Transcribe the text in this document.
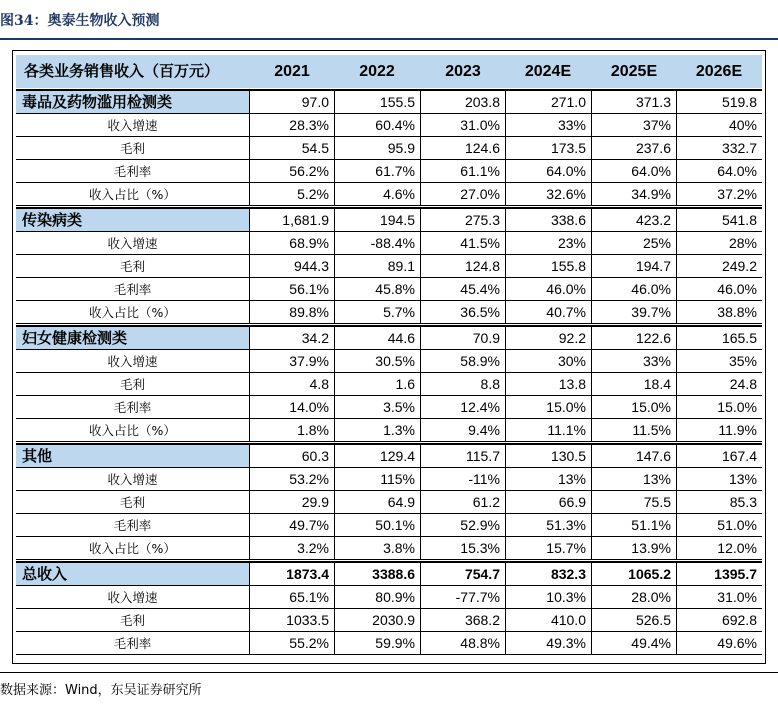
图34：奥泰生物收入预测
各类业务销售收入（百万元）	2021	2022	2023	2024E	2025E	2026E
毒品及药物滥用检测类	97.0	155.5	203.8	271.0	371.3	519.8
收入增速	28.3%	60.4%	31.0%	33%	37%	40%
毛利	54.5	95.9	124.6	173.5	237.6	332.7
毛利率	56.2%	61.7%	61.1%	64.0%	64.0%	64.0%
收入占比（%）	5.2%	4.6%	27.0%	32.6%	34.9%	37.2%
传染病类	1,681.9	194.5	275.3	338.6	423.2	541.8
收入增速	68.9%	-88.4%	41.5%	23%	25%	28%
毛利	944.3	89.1	124.8	155.8	194.7	249.2
毛利率	56.1%	45.8%	45.4%	46.0%	46.0%	46.0%
收入占比（%）	89.8%	5.7%	36.5%	40.7%	39.7%	38.8%
妇女健康检测类	34.2	44.6	70.9	92.2	122.6	165.5
收入增速	37.9%	30.5%	58.9%	30%	33%	35%
毛利	4.8	1.6	8.8	13.8	18.4	24.8
毛利率	14.0%	3.5%	12.4%	15.0%	15.0%	15.0%
收入占比（%）	1.8%	1.3%	9.4%	11.1%	11.5%	11.9%
其他	60.3	129.4	115.7	130.5	147.6	167.4
收入增速	53.2%	115%	-11%	13%	13%	13%
毛利	29.9	64.9	61.2	66.9	75.5	85.3
毛利率	49.7%	50.1%	52.9%	51.3%	51.1%	51.0%
收入占比（%）	3.2%	3.8%	15.3%	15.7%	13.9%	12.0%
总收入	1873.4	3388.6	754.7	832.3	1065.2	1395.7
收入增速	65.1%	80.9%	-77.7%	10.3%	28.0%	31.0%
毛利	1033.5	2030.9	368.2	410.0	526.5	692.8
毛利率	55.2%	59.9%	48.8%	49.3%	49.4%	49.6%
数据来源：Wind，东吴证券研究所
